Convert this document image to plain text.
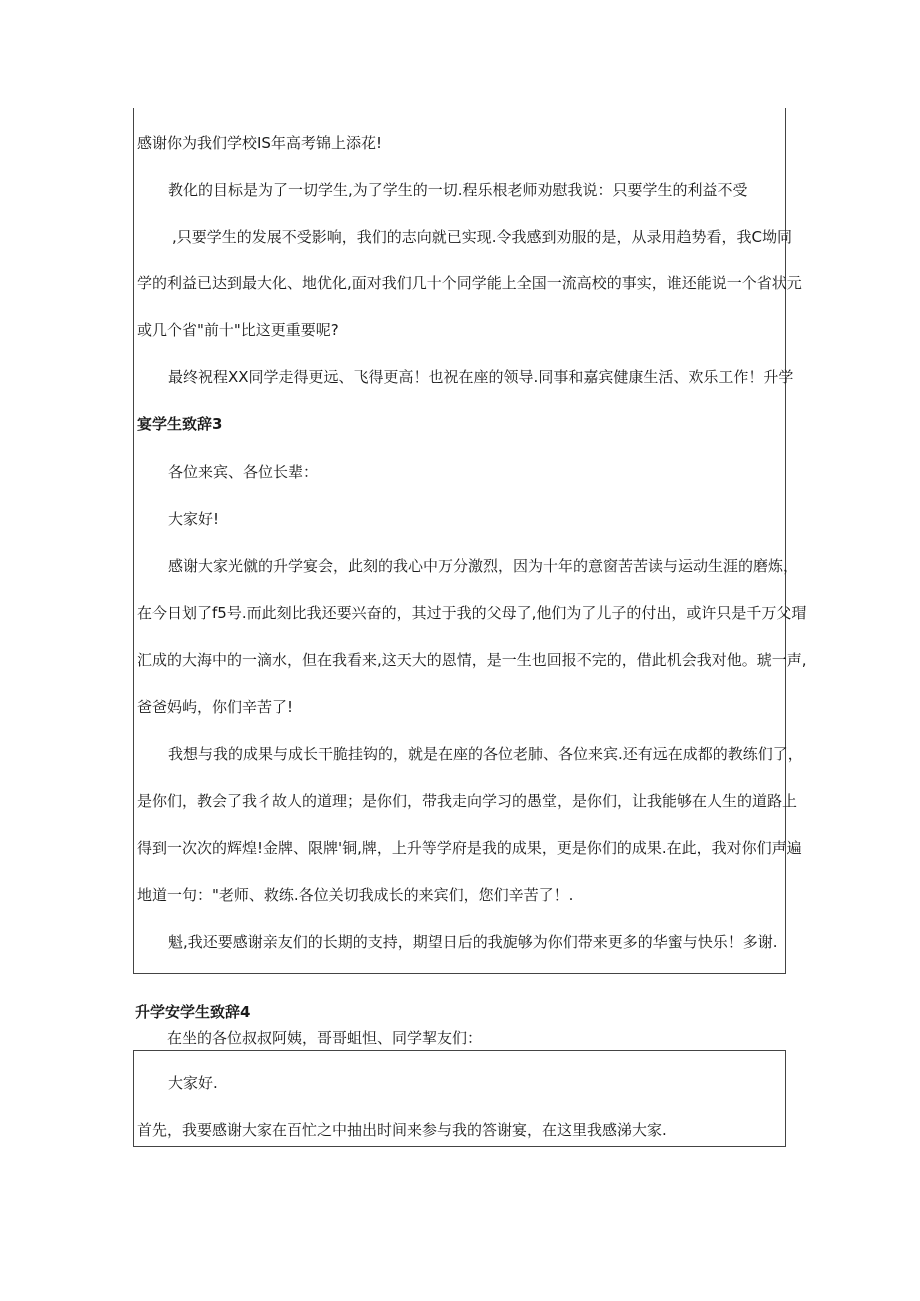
感谢你为我们学校IS年高考锦上添花!

教化的目标是为了一切学生,为了学生的一切.程乐根老师劝慰我说：只要学生的利益不受

,只要学生的发展不受影响，我们的志向就已实现.令我感到劝服的是，从录用趋势看，我C坳同

学的利益已达到最大化、地优化,面对我们几十个同学能上全国一流高校的事实，谁还能说一个省状元

或几个省"前十"比这更重要呢?

最终祝程XX同学走得更远、飞得更高！也祝在座的领导.同事和嘉宾健康生活、欢乐工作！升学

宴学生致辞3

各位来宾、各位长辈：

大家好!

感谢大家光僦的升学宴会，此刻的我心中万分激烈，因为十年的意窗苦苦读与运动生涯的磨炼，

在今日划了f5号.而此刻比我还要兴奋的，其过于我的父母了,他们为了儿子的付出，或许只是千万父瑁

汇成的大海中的一滴水，但在我看来,这天大的恩情，是一生也回报不完的，借此机会我对他。琥一声,

爸爸妈屿，你们辛苦了!

我想与我的成果与成长干脆挂钩的，就是在座的各位老肺、各位来宾.还有远在成都的教练们了，

是你们，教会了我彳故人的道理；是你们，带我走向学习的愚堂，是你们，让我能够在人生的道路上

得到一次次的辉煌!金牌、限牌'铜,牌，上升等学府是我的成果，更是你们的成果.在此，我对你们声遍

地道一句："老师、救练.各位关切我成长的来宾们，您们辛苦了！.

魁,我还要感谢亲友们的长期的支持，期望日后的我旎够为你们带来更多的华蜜与快乐！多谢.

升学安学生致辞4

在坐的各位叔叔阿姨，哥哥蛆怛、同学挈友们：

大家好.

首先，我要感谢大家在百忙之中抽出时间来参与我的答谢宴，在这里我感涕大家.
